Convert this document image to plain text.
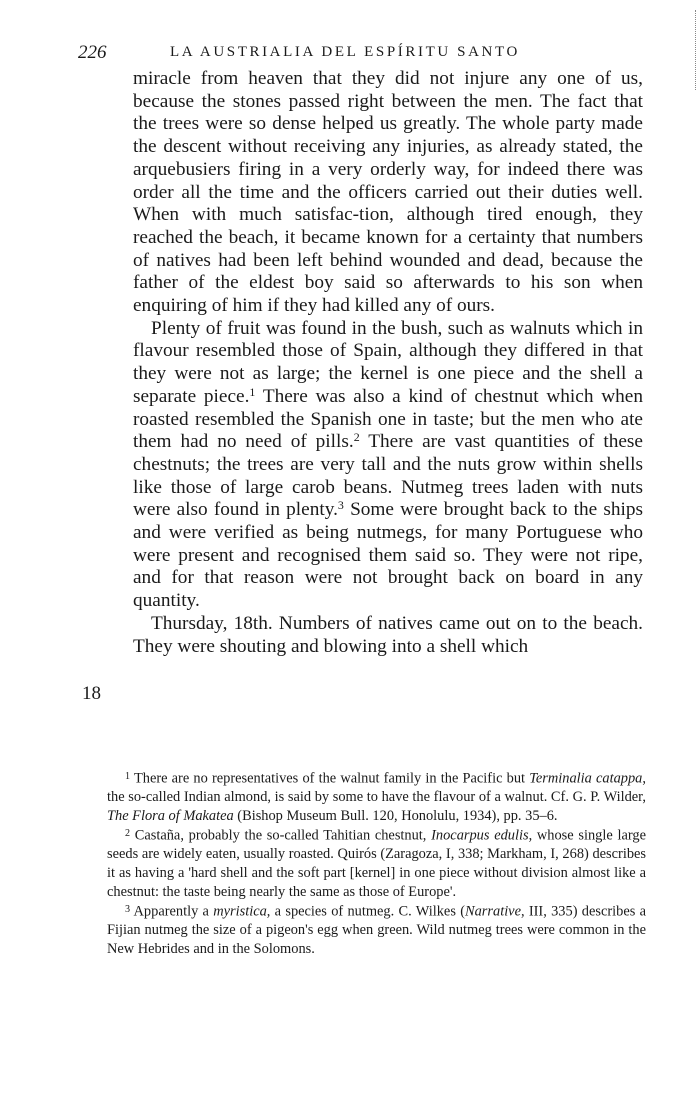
226	LA AUSTRIALIA DEL ESPÍRITU SANTO

miracle from heaven that they did not injure any one of us, because the stones passed right between the men. The fact that the trees were so dense helped us greatly. The whole party made the descent without receiving any injuries, as already stated, the arquebusiers firing in a very orderly way, for indeed there was order all the time and the officers carried out their duties well. When with much satisfac-tion, although tired enough, they reached the beach, it became known for a certainty that numbers of natives had been left behind wounded and dead, because the father of the eldest boy said so afterwards to his son when enquiring of him if they had killed any of ours.

Plenty of fruit was found in the bush, such as walnuts which in flavour resembled those of Spain, although they differed in that they were not as large; the kernel is one piece and the shell a separate piece.$^1$ There was also a kind of chestnut which when roasted resembled the Spanish one in taste; but the men who ate them had no need of pills.$^2$ There are vast quantities of these chestnuts; the trees are very tall and the nuts grow within shells like those of large carob beans. Nutmeg trees laden with nuts were also found in plenty.$^3$ Some were brought back to the ships and were verified as being nutmegs, for many Portuguese who were present and recognised them said so. They were not ripe, and for that reason were not brought back on board in any quantity.

Thursday, 18th. Numbers of natives came out on to the beach. They were shouting and blowing into a shell which

18

$^1$ There are no representatives of the walnut family in the Pacific but Terminalia catappa, the so-called Indian almond, is said by some to have the flavour of a walnut. Cf. G. P. Wilder, The Flora of Makatea (Bishop Museum Bull. 120, Honolulu, 1934), pp. 35–6.

$^2$ Castaña, probably the so-called Tahitian chestnut, Inocarpus edulis, whose single large seeds are widely eaten, usually roasted. Quirós (Zaragoza, I, 338; Markham, I, 268) describes it as having a 'hard shell and the soft part [kernel] in one piece without division almost like a chestnut: the taste being nearly the same as those of Europe'.

$^3$ Apparently a myristica, a species of nutmeg. C. Wilkes (Narrative, III, 335) describes a Fijian nutmeg the size of a pigeon's egg when green. Wild nutmeg trees were common in the New Hebrides and in the Solomons.
